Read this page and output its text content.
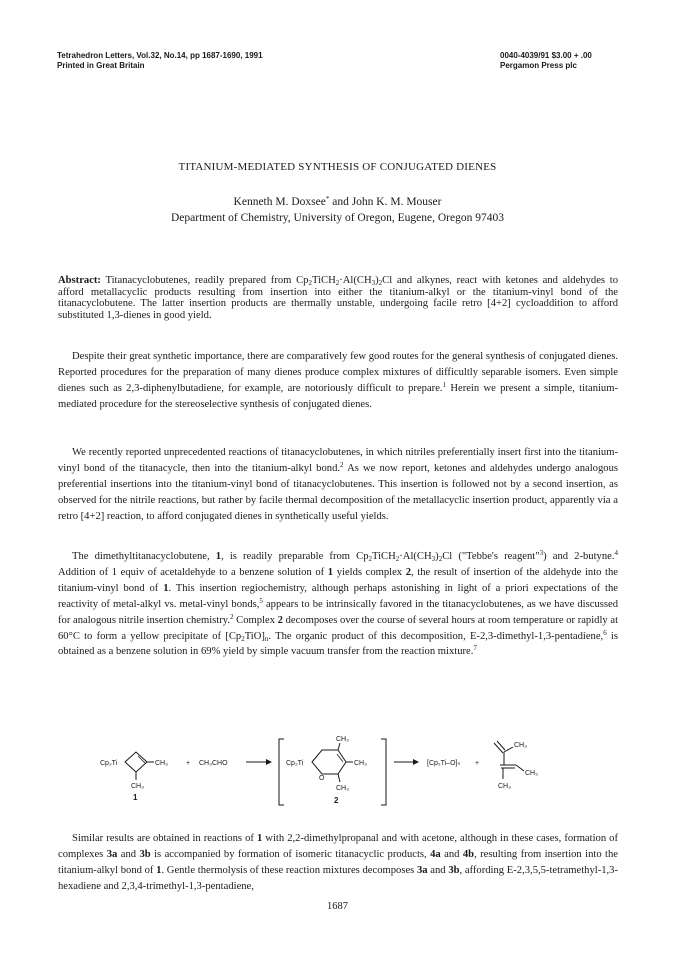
Tetrahedron Letters, Vol.32, No.14, pp 1687-1690, 1991
Printed in Great Britain
0040-4039/91 $3.00 + .00
Pergamon Press plc
TITANIUM-MEDIATED SYNTHESIS OF CONJUGATED DIENES
Kenneth M. Doxsee* and John K. M. Mouser
Department of Chemistry, University of Oregon, Eugene, Oregon 97403
Abstract: Titanacyclobutenes, readily prepared from $Cp_2TiCH_2\cdot Al(CH_3)_2Cl$ and alkynes, react with ketones and aldehydes to afford metallacyclic products resulting from insertion into either the titanium-alkyl or the titanium-vinyl bond of the titanacyclobutene. The latter insertion products are thermally unstable, undergoing facile retro [4+2] cycloaddition to afford substituted 1,3-dienes in good yield.

Despite their great synthetic importance, there are comparatively few good routes for the general synthesis of conjugated dienes. Reported procedures for the preparation of many dienes produce complex mixtures of difficultly separable isomers. Even simple dienes such as 2,3-diphenylbutadiene, for example, are notoriously difficult to prepare.$^1$ Herein we present a simple, titanium-mediated procedure for the stereoselective synthesis of conjugated dienes.

We recently reported unprecedented reactions of titanacyclobutenes, in which nitriles preferentially insert first into the titanium-vinyl bond of the titanacycle, then into the titanium-alkyl bond.$^2$ As we now report, ketones and aldehydes undergo analogous preferential insertions into the titanium-vinyl bond of titanacyclobutenes. This insertion is followed not by a second insertion, as observed for the nitrile reactions, but rather by facile thermal decomposition of the metallacyclic insertion product, apparently via a retro [4+2] reaction, to afford conjugated dienes in synthetically useful yields.

The dimethyltitanacyclobutene, 1, is readily preparable from $Cp_2TiCH_2\cdot Al(CH_3)_2Cl$ ("Tebbe's reagent"$^3$) and 2-butyne.$^4$ Addition of 1 equiv of acetaldehyde to a benzene solution of 1 yields complex 2, the result of insertion of the aldehyde into the titanium-vinyl bond of 1. This insertion regiochemistry, although perhaps astonishing in light of a priori expectations of the reactivity of metal-alkyl vs. metal-vinyl bonds,$^5$ appears to be intrinsically favored in the titanacyclobutenes, as we have discussed for analogous nitrile insertion chemistry.$^2$ Complex 2 decomposes over the course of several hours at room temperature or rapidly at 60°C to form a yellow precipitate of $[Cp_2TiO]_n$. The organic product of this decomposition, E-2,3-dimethyl-1,3-pentadiene,$^6$ is obtained as a benzene solution in 69% yield by simple vacuum transfer from the reaction mixture.$^7$

Cp₂Ti	CH₃
CH₃
1
+ CH₃CHO	Cp₂Ti
CH₃
CH₃
O
CH₃
2
[Cp₂Ti–O]ₙ +
CH₃
CH₃
CH₃

Similar results are obtained in reactions of 1 with 2,2-dimethylpropanal and with acetone, although in these cases, formation of complexes 3a and 3b is accompanied by formation of isomeric titanacyclic products, 4a and 4b, resulting from insertion into the titanium-alkyl bond of 1. Gentle thermolysis of these reaction mixtures decomposes 3a and 3b, affording E-2,3,5,5-tetramethyl-1,3-hexadiene and 2,3,4-trimethyl-1,3-pentadiene,

1687
